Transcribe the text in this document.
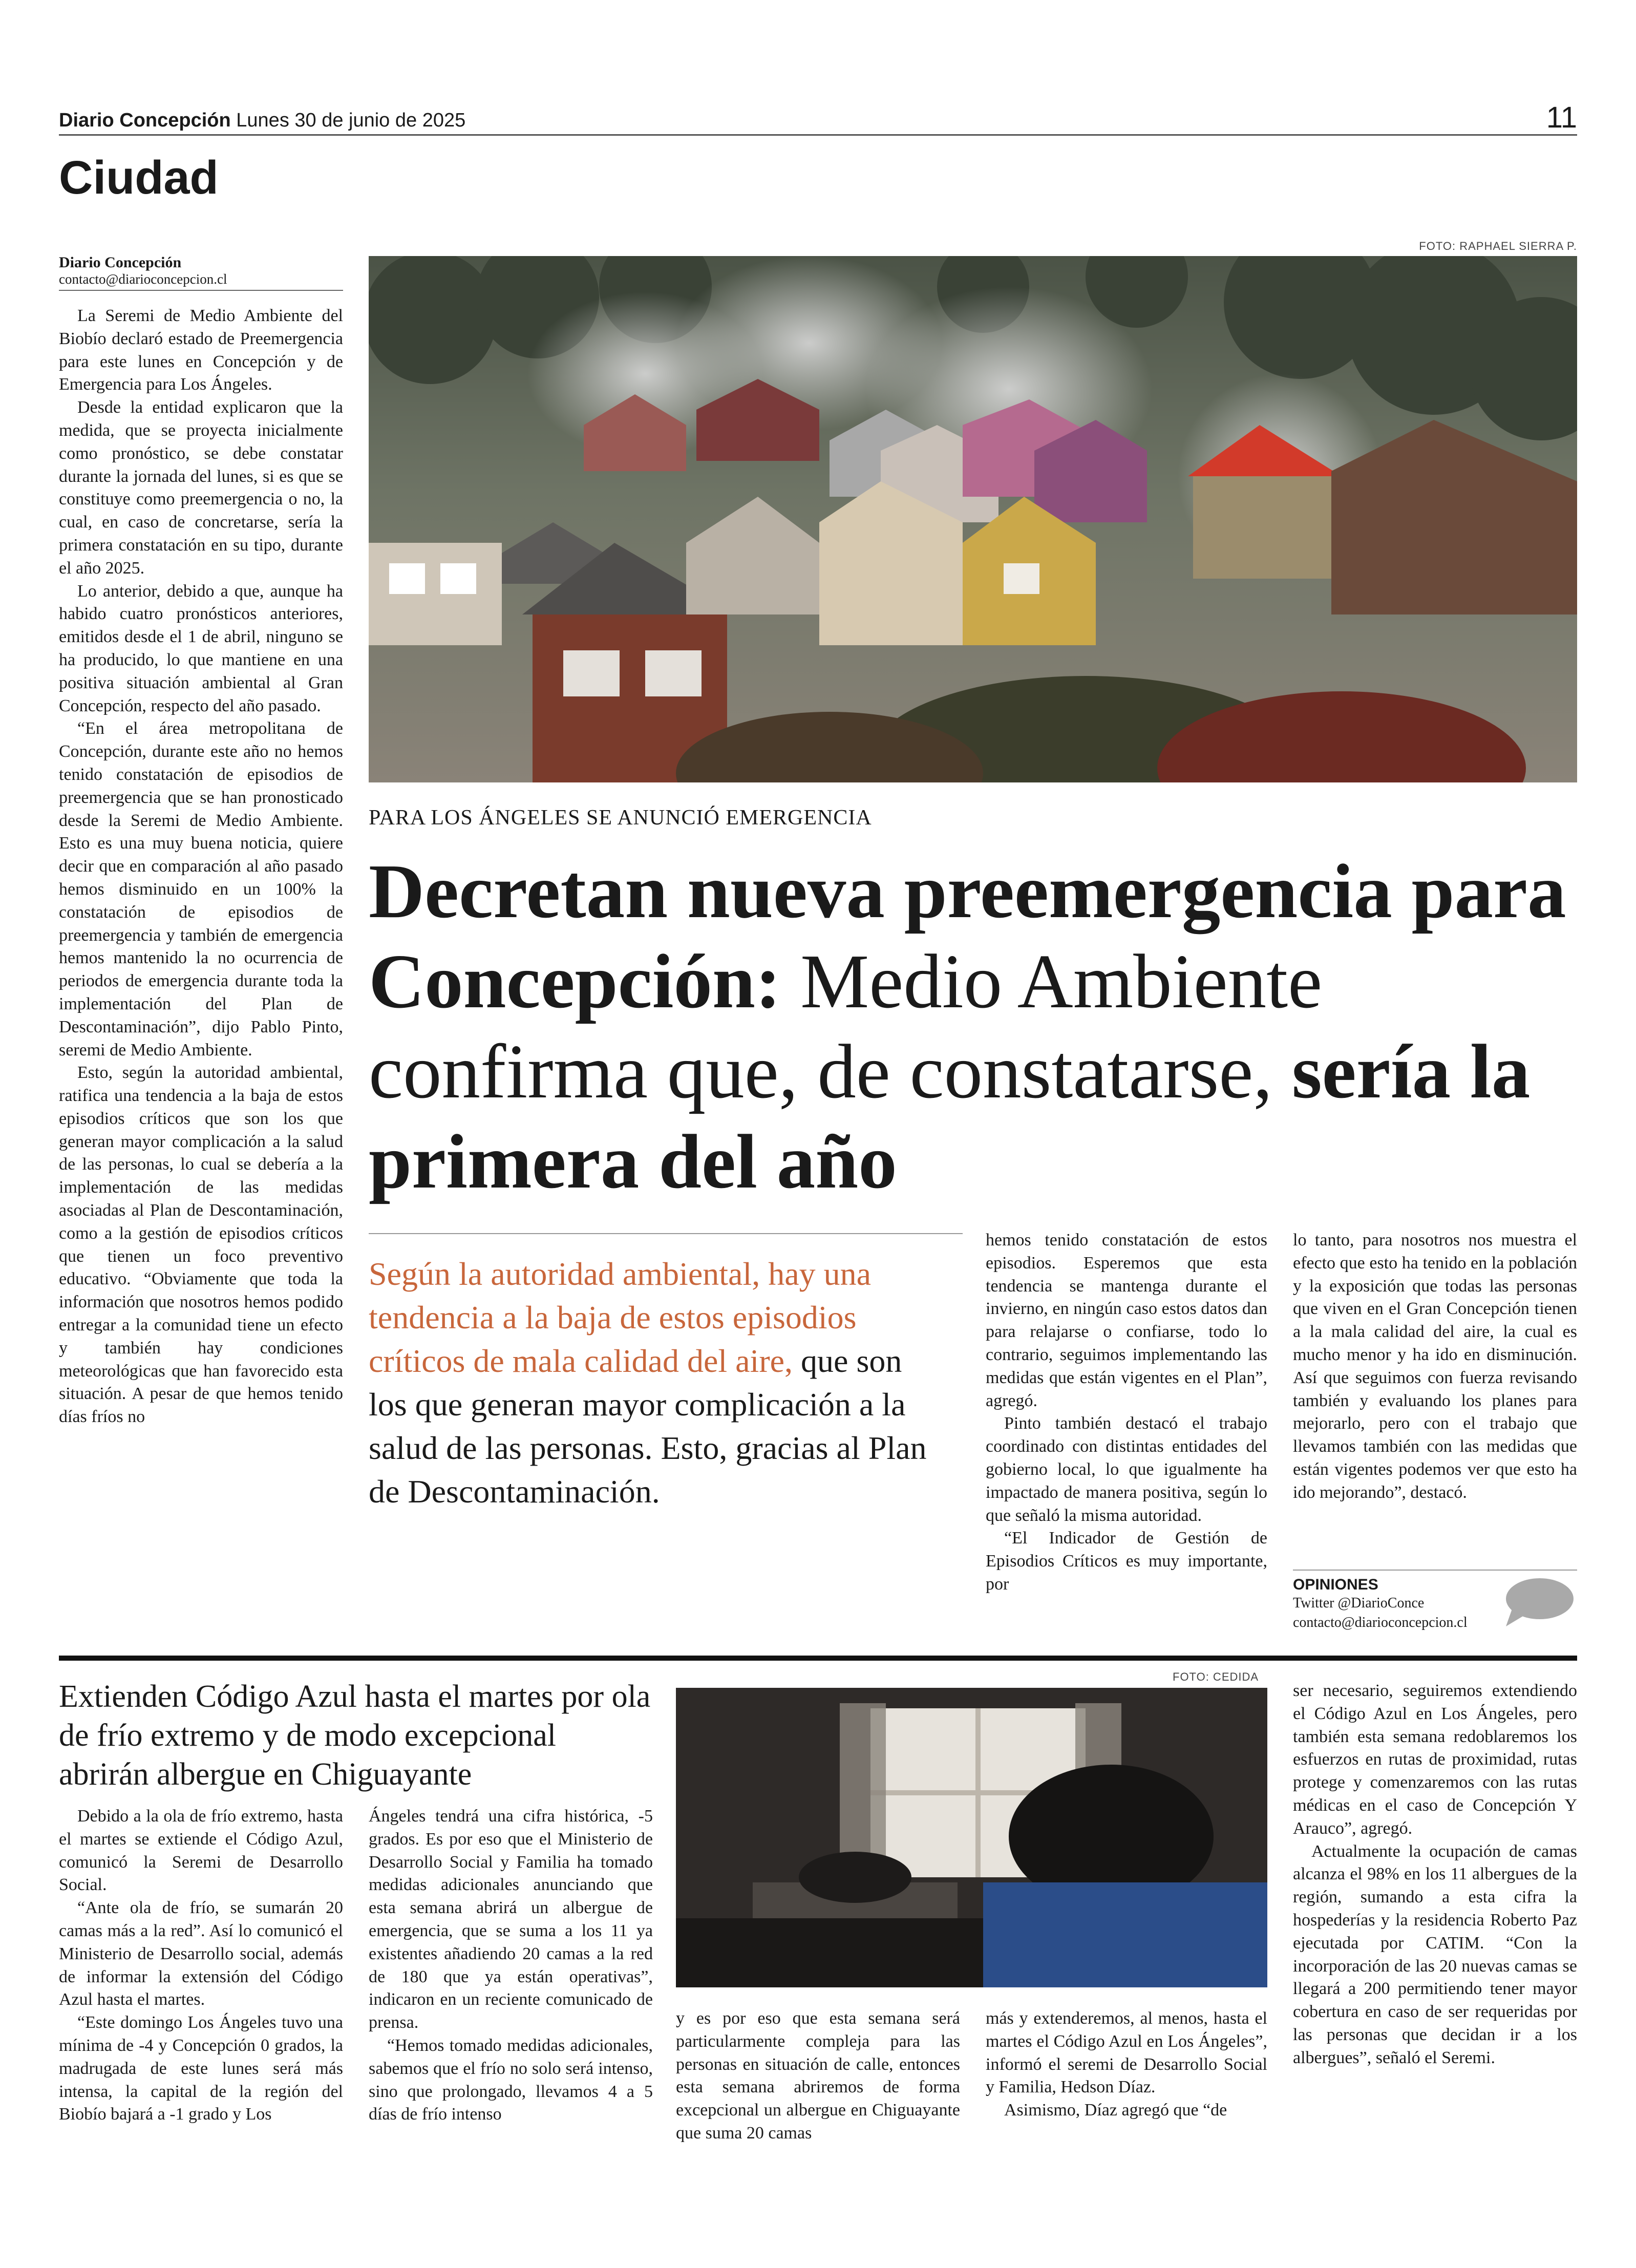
Diario Concepción Lunes 30 de junio de 2025	11
Ciudad
Diario Concepción
contacto@diarioconcepcion.cl

La Seremi de Medio Ambiente del Biobío declaró estado de Preemergencia para este lunes en Concepción y de Emergencia para Los Ángeles.

Desde la entidad explicaron que la medida, que se proyecta inicialmente como pronóstico, se debe constatar durante la jornada del lunes, si es que se constituye como preemergencia o no, la cual, en caso de concretarse, sería la primera constatación en su tipo, durante el año 2025.

Lo anterior, debido a que, aunque ha habido cuatro pronósticos anteriores, emitidos desde el 1 de abril, ninguno se ha producido, lo que mantiene en una positiva situación ambiental al Gran Concepción, respecto del año pasado.

“En el área metropolitana de Concepción, durante este año no hemos tenido constatación de episodios de preemergencia que se han pronosticado desde la Seremi de Medio Ambiente. Esto es una muy buena noticia, quiere decir que en comparación al año pasado hemos disminuido en un 100% la constatación de episodios de preemergencia y también de emergencia hemos mantenido la no ocurrencia de periodos de emergencia durante toda la implementación del Plan de Descontaminación”, dijo Pablo Pinto, seremi de Medio Ambiente.

Esto, según la autoridad ambiental, ratifica una tendencia a la baja de estos episodios críticos que son los que generan mayor complicación a la salud de las personas, lo cual se debería a la implementación de las medidas asociadas al Plan de Descontaminación, como a la gestión de episodios críticos que tienen un foco preventivo educativo. “Obviamente que toda la información que nosotros hemos podido entregar a la comunidad tiene un efecto y también hay condiciones meteorológicas que han favorecido esta situación. A pesar de que hemos tenido días fríos no

FOTO: RAPHAEL SIERRA P.
PARA LOS ÁNGELES SE ANUNCIÓ EMERGENCIA
Decretan nueva preemergencia para Concepción: Medio Ambiente confirma que, de constatarse, sería la primera del año
Según la autoridad ambiental, hay una tendencia a la baja de estos episodios críticos de mala calidad del aire, que son los que generan mayor complicación a la salud de las personas. Esto, gracias al Plan de Descontaminación.

hemos tenido constatación de estos episodios. Esperemos que esta tendencia se mantenga durante el invierno, en ningún caso estos datos dan para relajarse o confiarse, todo lo contrario, seguimos implementando las medidas que están vigentes en el Plan”, agregó.

Pinto también destacó el trabajo coordinado con distintas entidades del gobierno local, lo que igualmente ha impactado de manera positiva, según lo que señaló la misma autoridad.

“El Indicador de Gestión de Episodios Críticos es muy importante, por

lo tanto, para nosotros nos muestra el efecto que esto ha tenido en la población y la exposición que todas las personas que viven en el Gran Concepción tienen a la mala calidad del aire, la cual es mucho menor y ha ido en disminución. Así que seguimos con fuerza revisando también y evaluando los planes para mejorarlo, pero con el trabajo que llevamos también con las medidas que están vigentes podemos ver que esto ha ido mejorando”, destacó.

OPINIONES
Twitter @DiarioConce
contacto@diarioconcepcion.cl
Extienden Código Azul hasta el martes por ola de frío extremo y de modo excepcional abrirán albergue en Chiguayante

Debido a la ola de frío extremo, hasta el martes se extiende el Código Azul, comunicó la Seremi de Desarrollo Social.

“Ante ola de frío, se sumarán 20 camas más a la red”. Así lo comunicó el Ministerio de Desarrollo social, además de informar la extensión del Código Azul hasta el martes.

“Este domingo Los Ángeles tuvo una mínima de -4 y Concepción 0 grados, la madrugada de este lunes será más intensa, la capital de la región del Biobío bajará a -1 grado y Los

Ángeles tendrá una cifra histórica, -5 grados. Es por eso que el Ministerio de Desarrollo Social y Familia ha tomado medidas adicionales anunciando que esta semana abrirá un albergue de emergencia, que se suma a los 11 ya existentes añadiendo 20 camas a la red de 180 que ya están operativas”, indicaron en un reciente comunicado de prensa.

“Hemos tomado medidas adicionales, sabemos que el frío no solo será intenso, sino que prolongado, llevamos 4 a 5 días de frío intenso

FOTO: CEDIDA

y es por eso que esta semana será particularmente compleja para las personas en situación de calle, entonces esta semana abriremos de forma excepcional un albergue en Chiguayante que suma 20 camas

más y extenderemos, al menos, hasta el martes el Código Azul en Los Ángeles”, informó el seremi de Desarrollo Social y Familia, Hedson Díaz.

Asimismo, Díaz agregó que “de

ser necesario, seguiremos extendiendo el Código Azul en Los Ángeles, pero también esta semana redoblaremos los esfuerzos en rutas de proximidad, rutas protege y comenzaremos con las rutas médicas en el caso de Concepción Y Arauco”, agregó.

Actualmente la ocupación de camas alcanza el 98% en los 11 albergues de la región, sumando a esta cifra la hospederías y la residencia Roberto Paz ejecutada por CATIM. “Con la incorporación de las 20 nuevas camas se llegará a 200 permitiendo tener mayor cobertura en caso de ser requeridas por las personas que decidan ir a los albergues”, señaló el Seremi.
